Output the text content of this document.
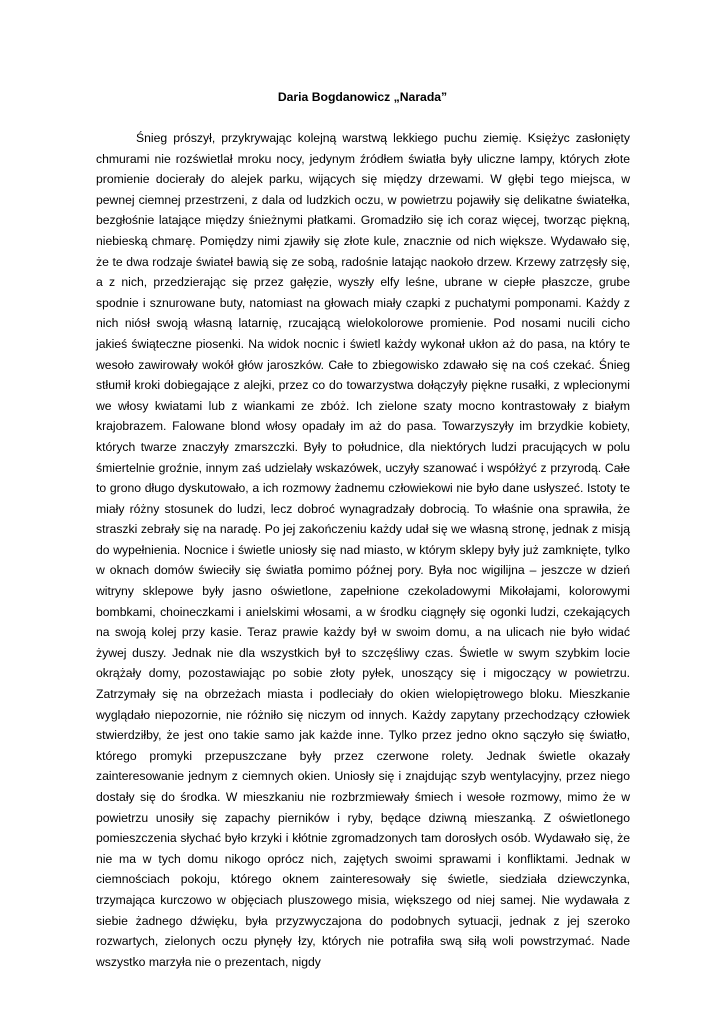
Daria Bogdanowicz „Narada”

Śnieg prószył, przykrywając kolejną warstwą lekkiego puchu ziemię. Księżyc zasłonięty chmurami nie rozświetlał mroku nocy, jedynym źródłem światła były uliczne lampy, których złote promienie docierały do alejek parku, wijących się między drzewami. W głębi tego miejsca, w pewnej ciemnej przestrzeni, z dala od ludzkich oczu, w powietrzu pojawiły się delikatne światełka, bezgłośnie latające między śnieżnymi płatkami. Gromadziło się ich coraz więcej, tworząc piękną, niebieską chmarę. Pomiędzy nimi zjawiły się złote kule, znacznie od nich większe. Wydawało się, że te dwa rodzaje świateł bawią się ze sobą, radośnie latając naokoło drzew. Krzewy zatrzęsły się, a z nich, przedzierając się przez gałęzie, wyszły elfy leśne, ubrane w ciepłe płaszcze, grube spodnie i sznurowane buty, natomiast na głowach miały czapki z puchatymi pomponami. Każdy z nich niósł swoją własną latarnię, rzucającą wielokolorowe promienie. Pod nosami nucili cicho jakieś świąteczne piosenki. Na widok nocnic i świetl każdy wykonał ukłon aż do pasa, na który te wesoło zawirowały wokół głów jaroszków. Całe to zbiegowisko zdawało się na coś czekać. Śnieg stłumił kroki dobiegające z alejki, przez co do towarzystwa dołączyły piękne rusałki, z wplecionymi we włosy kwiatami lub z wiankami ze zbóż. Ich zielone szaty mocno kontrastowały z białym krajobrazem. Falowane blond włosy opadały im aż do pasa. Towarzyszyły im brzydkie kobiety, których twarze znaczyły zmarszczki. Były to południce, dla niektórych ludzi pracujących w polu śmiertelnie groźnie, innym zaś udzielały wskazówek, uczyły szanować i współżyć z przyrodą. Całe to grono długo dyskutowało, a ich rozmowy żadnemu człowiekowi nie było dane usłyszeć. Istoty te miały różny stosunek do ludzi, lecz dobroć wynagradzały dobrocią. To właśnie ona sprawiła, że straszki zebrały się na naradę. Po jej zakończeniu każdy udał się we własną stronę, jednak z misją do wypełnienia. Nocnice i świetle uniosły się nad miasto, w którym sklepy były już zamknięte, tylko w oknach domów świeciły się światła pomimo późnej pory. Była noc wigilijna – jeszcze w dzień witryny sklepowe były jasno oświetlone, zapełnione czekoladowymi Mikołajami, kolorowymi bombkami, choineczkami i anielskimi włosami, a w środku ciągnęły się ogonki ludzi, czekających na swoją kolej przy kasie. Teraz prawie każdy był w swoim domu, a na ulicach nie było widać żywej duszy. Jednak nie dla wszystkich był to szczęśliwy czas. Świetle w swym szybkim locie okrążały domy, pozostawiając po sobie złoty pyłek, unoszący się i migoczący w powietrzu. Zatrzymały się na obrzeżach miasta i podleciały do okien wielopiętrowego bloku. Mieszkanie wyglądało niepozornie, nie różniło się niczym od innych. Każdy zapytany przechodzący człowiek stwierdziłby, że jest ono takie samo jak każde inne. Tylko przez jedno okno sączyło się światło, którego promyki przepuszczane były przez czerwone rolety. Jednak świetle okazały zainteresowanie jednym z ciemnych okien. Uniosły się i znajdując szyb wentylacyjny, przez niego dostały się do środka. W mieszkaniu nie rozbrzmiewały śmiech i wesołe rozmowy, mimo że w powietrzu unosiły się zapachy pierników i ryby, będące dziwną mieszanką. Z oświetlonego pomieszczenia słychać było krzyki i kłótnie zgromadzonych tam dorosłych osób. Wydawało się, że nie ma w tych domu nikogo oprócz nich, zajętych swoimi sprawami i konfliktami. Jednak w ciemnościach pokoju, którego oknem zainteresowały się świetle, siedziała dziewczynka, trzymająca kurczowo w objęciach pluszowego misia, większego od niej samej. Nie wydawała z siebie żadnego dźwięku, była przyzwyczajona do podobnych sytuacji, jednak z jej szeroko rozwartych, zielonych oczu płynęły łzy, których nie potrafiła swą siłą woli powstrzymać. Nade wszystko marzyła nie o prezentach, nigdy
